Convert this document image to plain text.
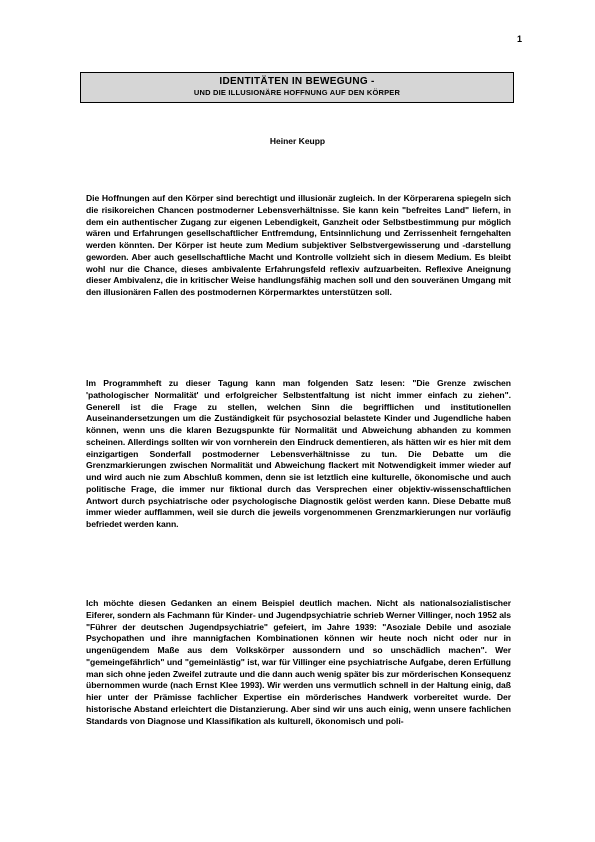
1
IDENTITÄTEN IN BEWEGUNG -
UND DIE ILLUSIONÄRE HOFFNUNG AUF DEN KÖRPER
Heiner Keupp

Die Hoffnungen auf den Körper sind berechtigt und illusionär zugleich. In der Körperarena spiegeln sich die risikoreichen Chancen postmoderner Lebensverhältnisse. Sie kann kein "befreites Land" liefern, in dem ein authentischer Zugang zur eigenen Lebendigkeit, Ganzheit oder Selbstbestimmung pur möglich wären und Erfahrungen gesellschaftlicher Entfremdung, Entsinnlichung und Zerrissenheit ferngehalten werden könnten. Der Körper ist heute zum Medium subjektiver Selbstvergewisserung und -darstellung geworden. Aber auch gesellschaftliche Macht und Kontrolle vollzieht sich in diesem Medium. Es bleibt wohl nur die Chance, dieses ambivalente Erfahrungsfeld reflexiv aufzuarbeiten. Reflexive Aneignung dieser Ambivalenz, die in kritischer Weise handlungsfähig machen soll und den souveränen Umgang mit den illusionären Fallen des postmodernen Körpermarktes unterstützen soll.

Im Programmheft zu dieser Tagung kann man folgenden Satz lesen: "Die Grenze zwischen 'pathologischer Normalität' und erfolgreicher Selbstentfaltung ist nicht immer einfach zu ziehen". Generell ist die Frage zu stellen, welchen Sinn die begrifflichen und institutionellen Auseinandersetzungen um die Zuständigkeit für psychosozial belastete Kinder und Jugendliche haben können, wenn uns die klaren Bezugspunkte für Normalität und Abweichung abhanden zu kommen scheinen. Allerdings sollten wir von vornherein den Eindruck dementieren, als hätten wir es hier mit dem einzigartigen Sonderfall postmoderner Lebensverhältnisse zu tun. Die Debatte um die Grenzmarkierungen zwischen Normalität und Abweichung flackert mit Notwendigkeit immer wieder auf und wird auch nie zum Abschluß kommen, denn sie ist letztlich eine kulturelle, ökonomische und auch politische Frage, die immer nur fiktional durch das Versprechen einer objektiv-wissenschaftlichen Antwort durch psychiatrische oder psychologische Diagnostik gelöst werden kann. Diese Debatte muß immer wieder aufflammen, weil sie durch die jeweils vorgenommenen Grenzmarkierungen nur vorläufig befriedet werden kann.

Ich möchte diesen Gedanken an einem Beispiel deutlich machen. Nicht als nationalsozialistischer Eiferer, sondern als Fachmann für Kinder- und Jugendpsychiatrie schrieb Werner Villinger, noch 1952 als "Führer der deutschen Jugendpsychiatrie" gefeiert, im Jahre 1939: "Asoziale Debile und asoziale Psychopathen und ihre mannigfachen Kombinationen können wir heute noch nicht oder nur in ungenügendem Maße aus dem Volkskörper aussondern und so unschädlich machen". Wer "gemeingefährlich" und "gemeinlästig" ist, war für Villinger eine psychiatrische Aufgabe, deren Erfüllung man sich ohne jeden Zweifel zutraute und die dann auch wenig später bis zur mörderischen Konsequenz übernommen wurde (nach Ernst Klee 1993). Wir werden uns vermutlich schnell in der Haltung einig, daß hier unter der Prämisse fachlicher Expertise ein mörderisches Handwerk vorbereitet wurde. Der historische Abstand erleichtert die Distanzierung. Aber sind wir uns auch einig, wenn unsere fachlichen Standards von Diagnose und Klassifikation als kulturell, ökonomisch und poli-
